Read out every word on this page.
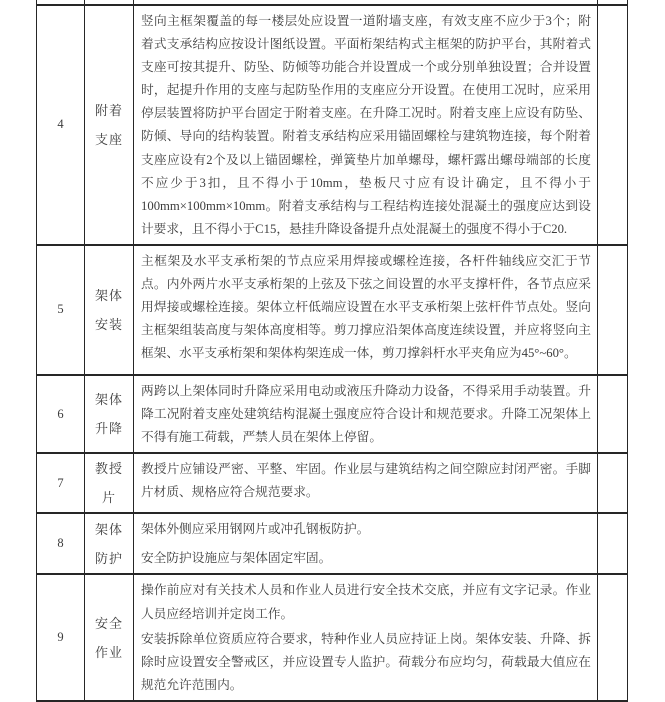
4
附着
支座

竖向主框架覆盖的每一楼层处应设置一道附墙支座，有效支座不应少于3个；附着式支承结构应按设计图纸设置。平面桁架结构式主框架的防护平台，其附着式支座可按其提升、防坠、防倾等功能合并设置成一个或分别单独设置；合并设置时，起提升作用的支座与起防坠作用的支座应分开设置。在使用工况时，应采用停层装置将防护平台固定于附着支座。在升降工况时。附着支座上应设有防坠、防倾、导向的结构装置。附着支承结构应采用锚固螺栓与建筑物连接，每个附着支座应设有2个及以上锚固螺栓，弹簧垫片加单螺母，螺杆露出螺母端部的长度不应少于3扣，且不得小于10mm，垫板尺寸应有设计确定，且不得小于100mm×100mm×10mm。附着支承结构与工程结构连接处混凝土的强度应达到设计要求，且不得小于C15，悬挂升降设备提升点处混凝土的强度不得小于C20.

5
架体
安装

主框架及水平支承桁架的节点应采用焊接或螺栓连接，各杆件轴线应交汇于节点。内外两片水平支承桁架的上弦及下弦之间设置的水平支撑杆件，各节点应采用焊接或螺栓连接。架体立杆低端应设置在水平支承桁架上弦杆件节点处。竖向主框架组装高度与架体高度相等。剪刀撑应沿架体高度连续设置，并应将竖向主框架、水平支承桁架和架体构架连成一体，剪刀撑斜杆水平夹角应为45°~60°。

6
架体
升降

两跨以上架体同时升降应采用电动或液压升降动力设备，不得采用手动装置。升降工况附着支座处建筑结构混凝土强度应符合设计和规范要求。升降工况架体上不得有施工荷载，严禁人员在架体上停留。

7
教授
片

教授片应铺设严密、平整、牢固。作业层与建筑结构之间空隙应封闭严密。手脚片材质、规格应符合规范要求。

8
架体
防护

架体外侧应采用钢网片或冲孔钢板防护。

安全防护设施应与架体固定牢固。

9
安全
作业

操作前应对有关技术人员和作业人员进行安全技术交底，并应有文字记录。作业人员应经培训并定岗工作。

安装拆除单位资质应符合要求，特种作业人员应持证上岗。架体安装、升降、拆除时应设置安全警戒区，并应设置专人监护。荷载分布应均匀，荷载最大值应在规范允许范围内。
